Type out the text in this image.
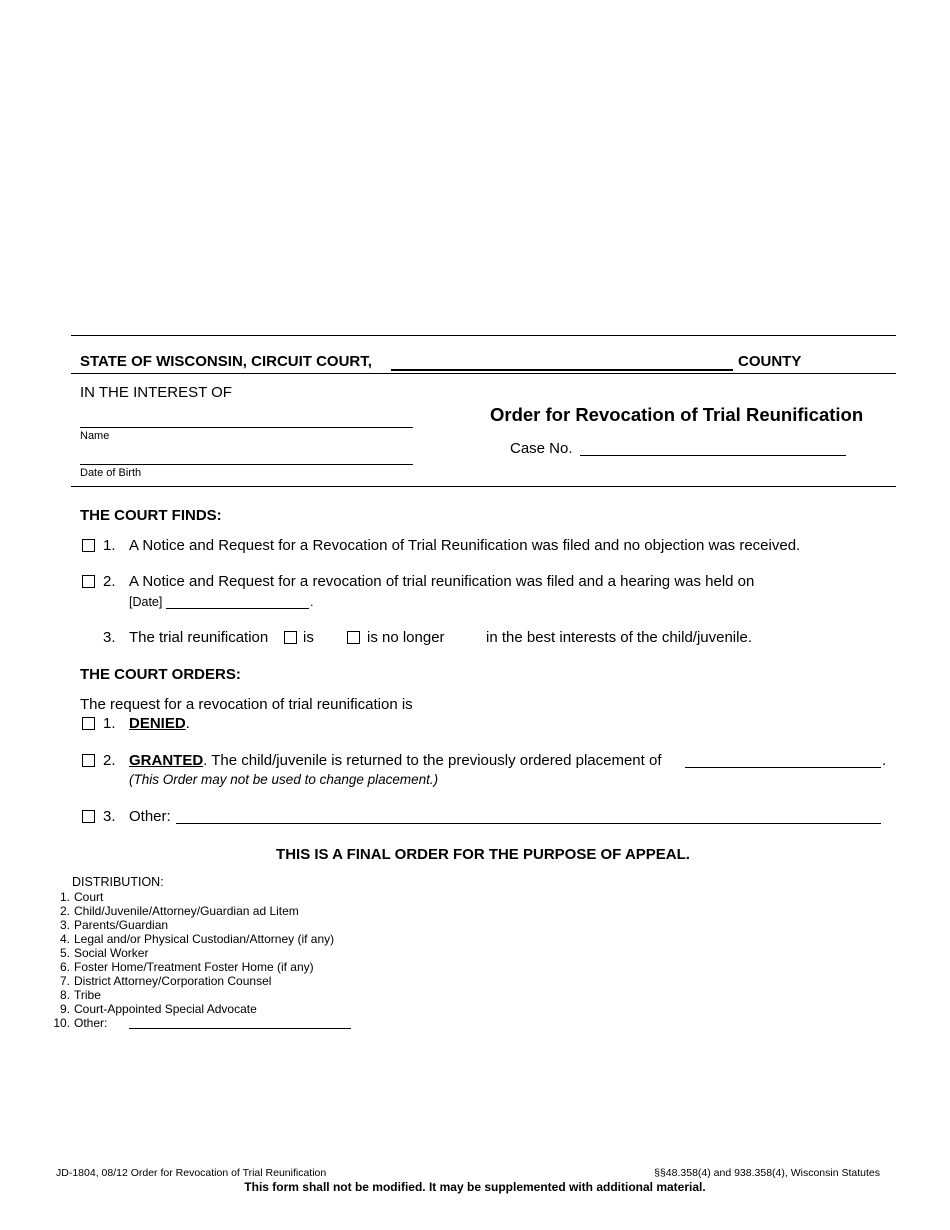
STATE OF WISCONSIN, CIRCUIT COURT,	COUNTY
IN THE INTEREST OF
Name
Date of Birth
Order for Revocation of Trial Reunification
Case No.
THE COURT FINDS:
1. A Notice and Request for a Revocation of Trial Reunification was filed and no objection was received.
2. A Notice and Request for a revocation of trial reunification was filed and a hearing was held on
[Date]	.
3. The trial reunification is	is no longer	in the best interests of the child/juvenile.
THE COURT ORDERS:
The request for a revocation of trial reunification is
1. DENIED.
2. GRANTED. The child/juvenile is returned to the previously ordered placement of	.
(This Order may not be used to change placement.)
3. Other:
THIS IS A FINAL ORDER FOR THE PURPOSE OF APPEAL.
DISTRIBUTION:
1. Court
2. Child/Juvenile/Attorney/Guardian ad Litem
3. Parents/Guardian
4. Legal and/or Physical Custodian/Attorney (if any)
5. Social Worker
6. Foster Home/Treatment Foster Home (if any)
7. District Attorney/Corporation Counsel
8. Tribe
9. Court-Appointed Special Advocate
10. Other:
JD-1804, 08/12 Order for Revocation of Trial Reunification	§§48.358(4) and 938.358(4), Wisconsin Statutes
This form shall not be modified. It may be supplemented with additional material.
